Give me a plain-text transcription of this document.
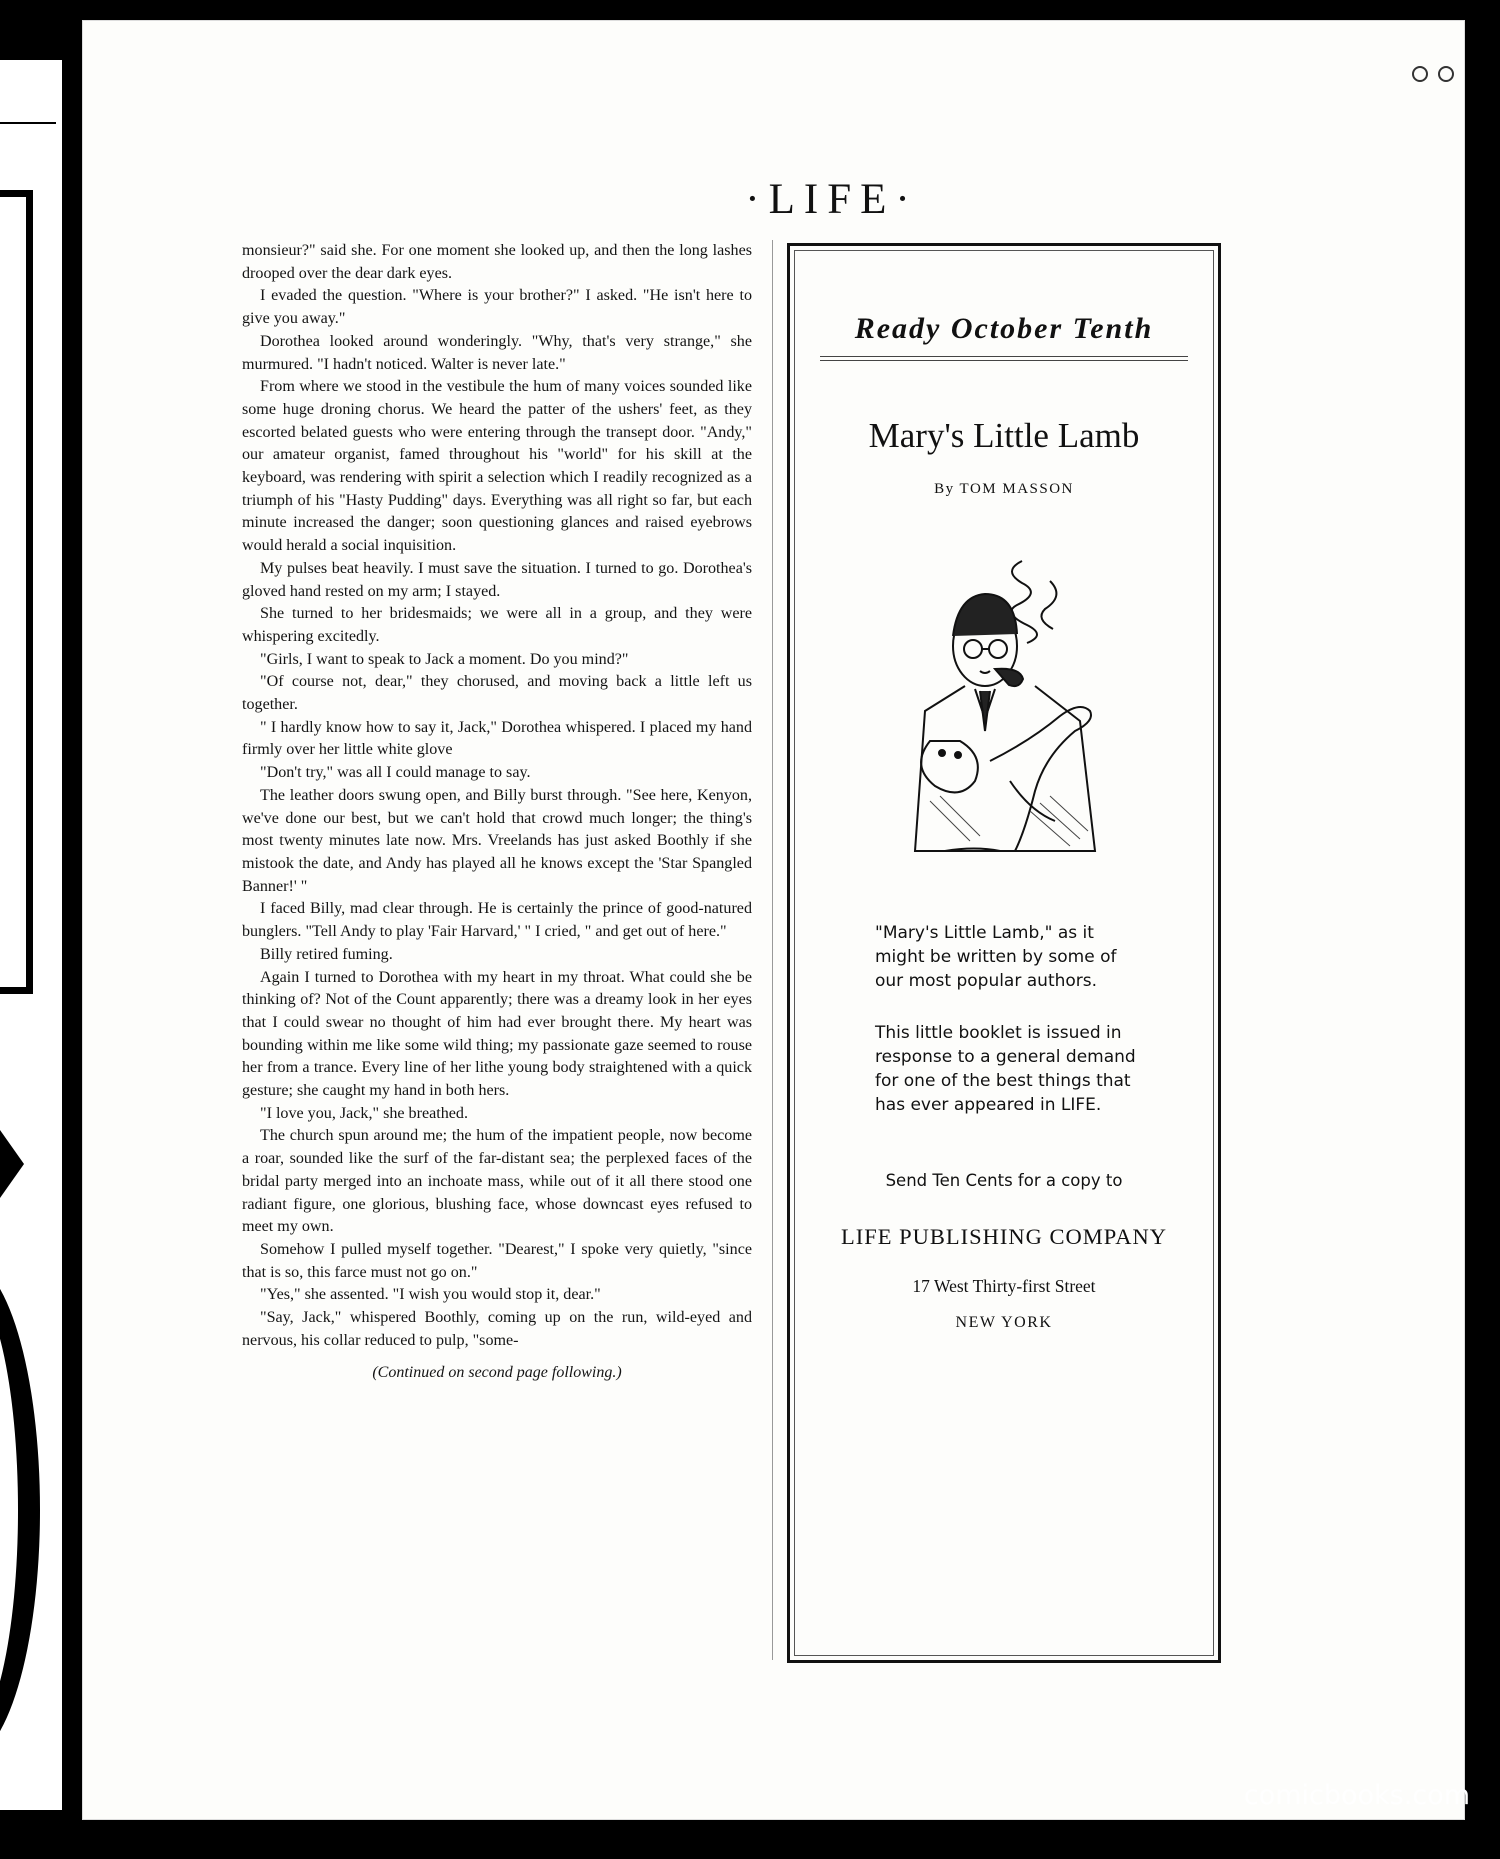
·LIFE·

monsieur?" said she. For one moment she looked up, and then the long lashes drooped over the dear dark eyes.

I evaded the question. "Where is your brother?" I asked. "He isn't here to give you away."

Dorothea looked around wonderingly. "Why, that's very strange," she murmured. "I hadn't noticed. Walter is never late."

From where we stood in the vestibule the hum of many voices sounded like some huge droning chorus. We heard the patter of the ushers' feet, as they escorted belated guests who were entering through the transept door. "Andy," our amateur organist, famed throughout his "world" for his skill at the keyboard, was rendering with spirit a selection which I readily recognized as a triumph of his "Hasty Pudding" days. Everything was all right so far, but each minute increased the danger; soon questioning glances and raised eyebrows would herald a social inquisition.

My pulses beat heavily. I must save the situation. I turned to go. Dorothea's gloved hand rested on my arm; I stayed.

She turned to her bridesmaids; we were all in a group, and they were whispering excitedly.

"Girls, I want to speak to Jack a moment. Do you mind?"

"Of course not, dear," they chorused, and moving back a little left us together.

" I hardly know how to say it, Jack," Dorothea whispered. I placed my hand firmly over her little white glove

"Don't try," was all I could manage to say.

The leather doors swung open, and Billy burst through. "See here, Kenyon, we've done our best, but we can't hold that crowd much longer; the thing's most twenty minutes late now. Mrs. Vreelands has just asked Boothly if she mistook the date, and Andy has played all he knows except the 'Star Spangled Banner!' "

I faced Billy, mad clear through. He is certainly the prince of good-natured bunglers. "Tell Andy to play 'Fair Harvard,' " I cried, " and get out of here."

Billy retired fuming.

Again I turned to Dorothea with my heart in my throat. What could she be thinking of? Not of the Count apparently; there was a dreamy look in her eyes that I could swear no thought of him had ever brought there. My heart was bounding within me like some wild thing; my passionate gaze seemed to rouse her from a trance. Every line of her lithe young body straightened with a quick gesture; she caught my hand in both hers.

"I love you, Jack," she breathed.

The church spun around me; the hum of the impatient people, now become a roar, sounded like the surf of the far-distant sea; the perplexed faces of the bridal party merged into an inchoate mass, while out of it all there stood one radiant figure, one glorious, blushing face, whose downcast eyes refused to meet my own.

Somehow I pulled myself together. "Dearest," I spoke very quietly, "since that is so, this farce must not go on."

"Yes," she assented. "I wish you would stop it, dear."

"Say, Jack," whispered Boothly, coming up on the run, wild-eyed and nervous, his collar reduced to pulp, "some-

(Continued on second page following.)

Ready October Tenth
Mary's Little Lamb
By TOM MASSON
"Mary's Little Lamb," as it might be written by some of our most popular authors.
This little booklet is issued in response to a general demand for one of the best things that has ever appeared in LIFE.
Send Ten Cents for a copy to
LIFE PUBLISHING COMPANY
17 West Thirty-first Street
NEW YORK
comicbooks.com
